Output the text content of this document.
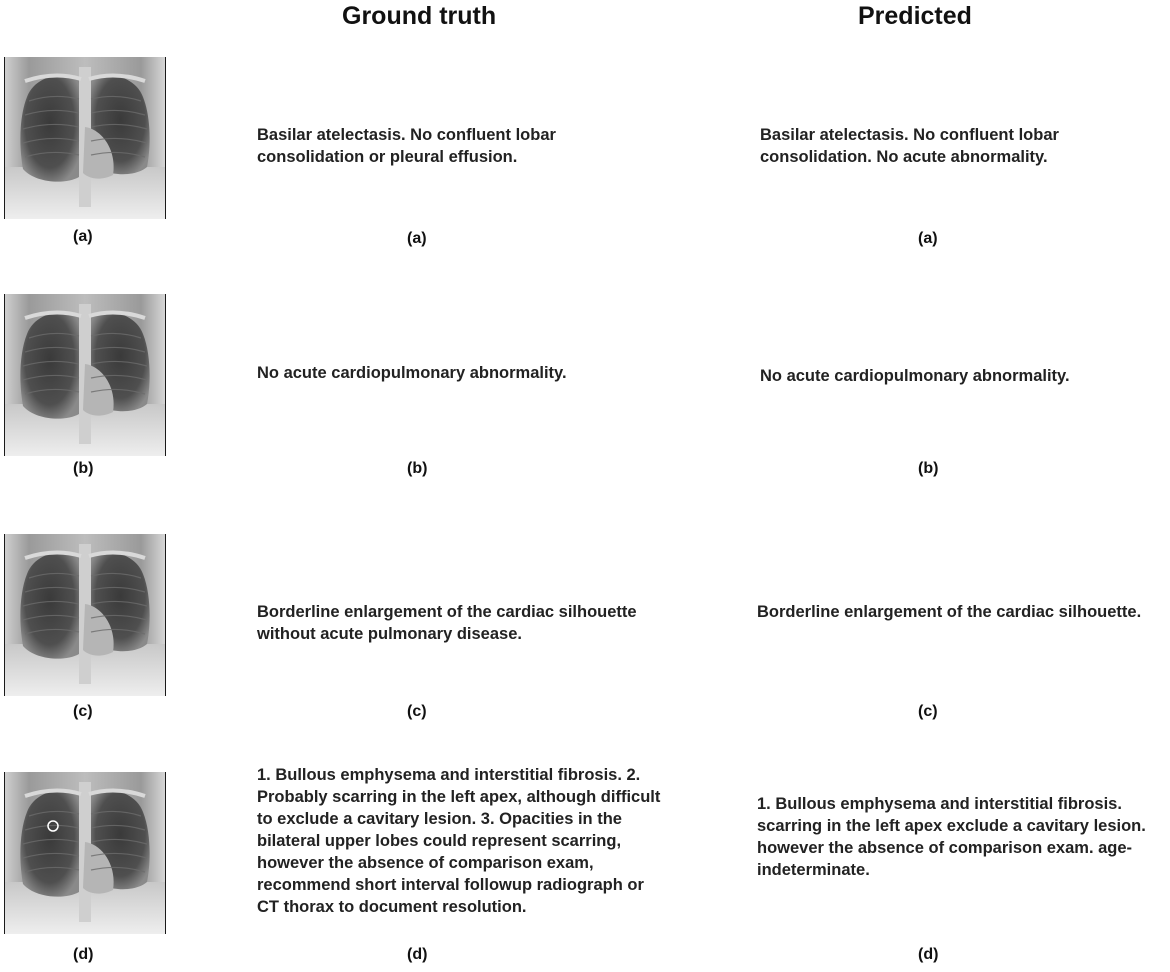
Ground truth	Predicted
(a)
Basilar atelectasis. No confluent lobar consolidation or pleural effusion.
(a)
Basilar atelectasis. No confluent lobar consolidation. No acute abnormality.
(a)
(b)
No acute cardiopulmonary abnormality.
(b)
No acute cardiopulmonary abnormality.
(b)
(c)
Borderline enlargement of the cardiac silhouette without acute pulmonary disease.
(c)
Borderline enlargement of the cardiac silhouette.
(c)
(d)
1. Bullous emphysema and interstitial fibrosis. 2. Probably scarring in the left apex, although difficult to exclude a cavitary lesion. 3. Opacities in the bilateral upper lobes could represent scarring, however the absence of comparison exam, recommend short interval followup radiograph or CT thorax to document resolution.
(d)
1. Bullous emphysema and interstitial fibrosis. scarring in the left apex exclude a cavitary lesion. however the absence of comparison exam. age-indeterminate.
(d)
